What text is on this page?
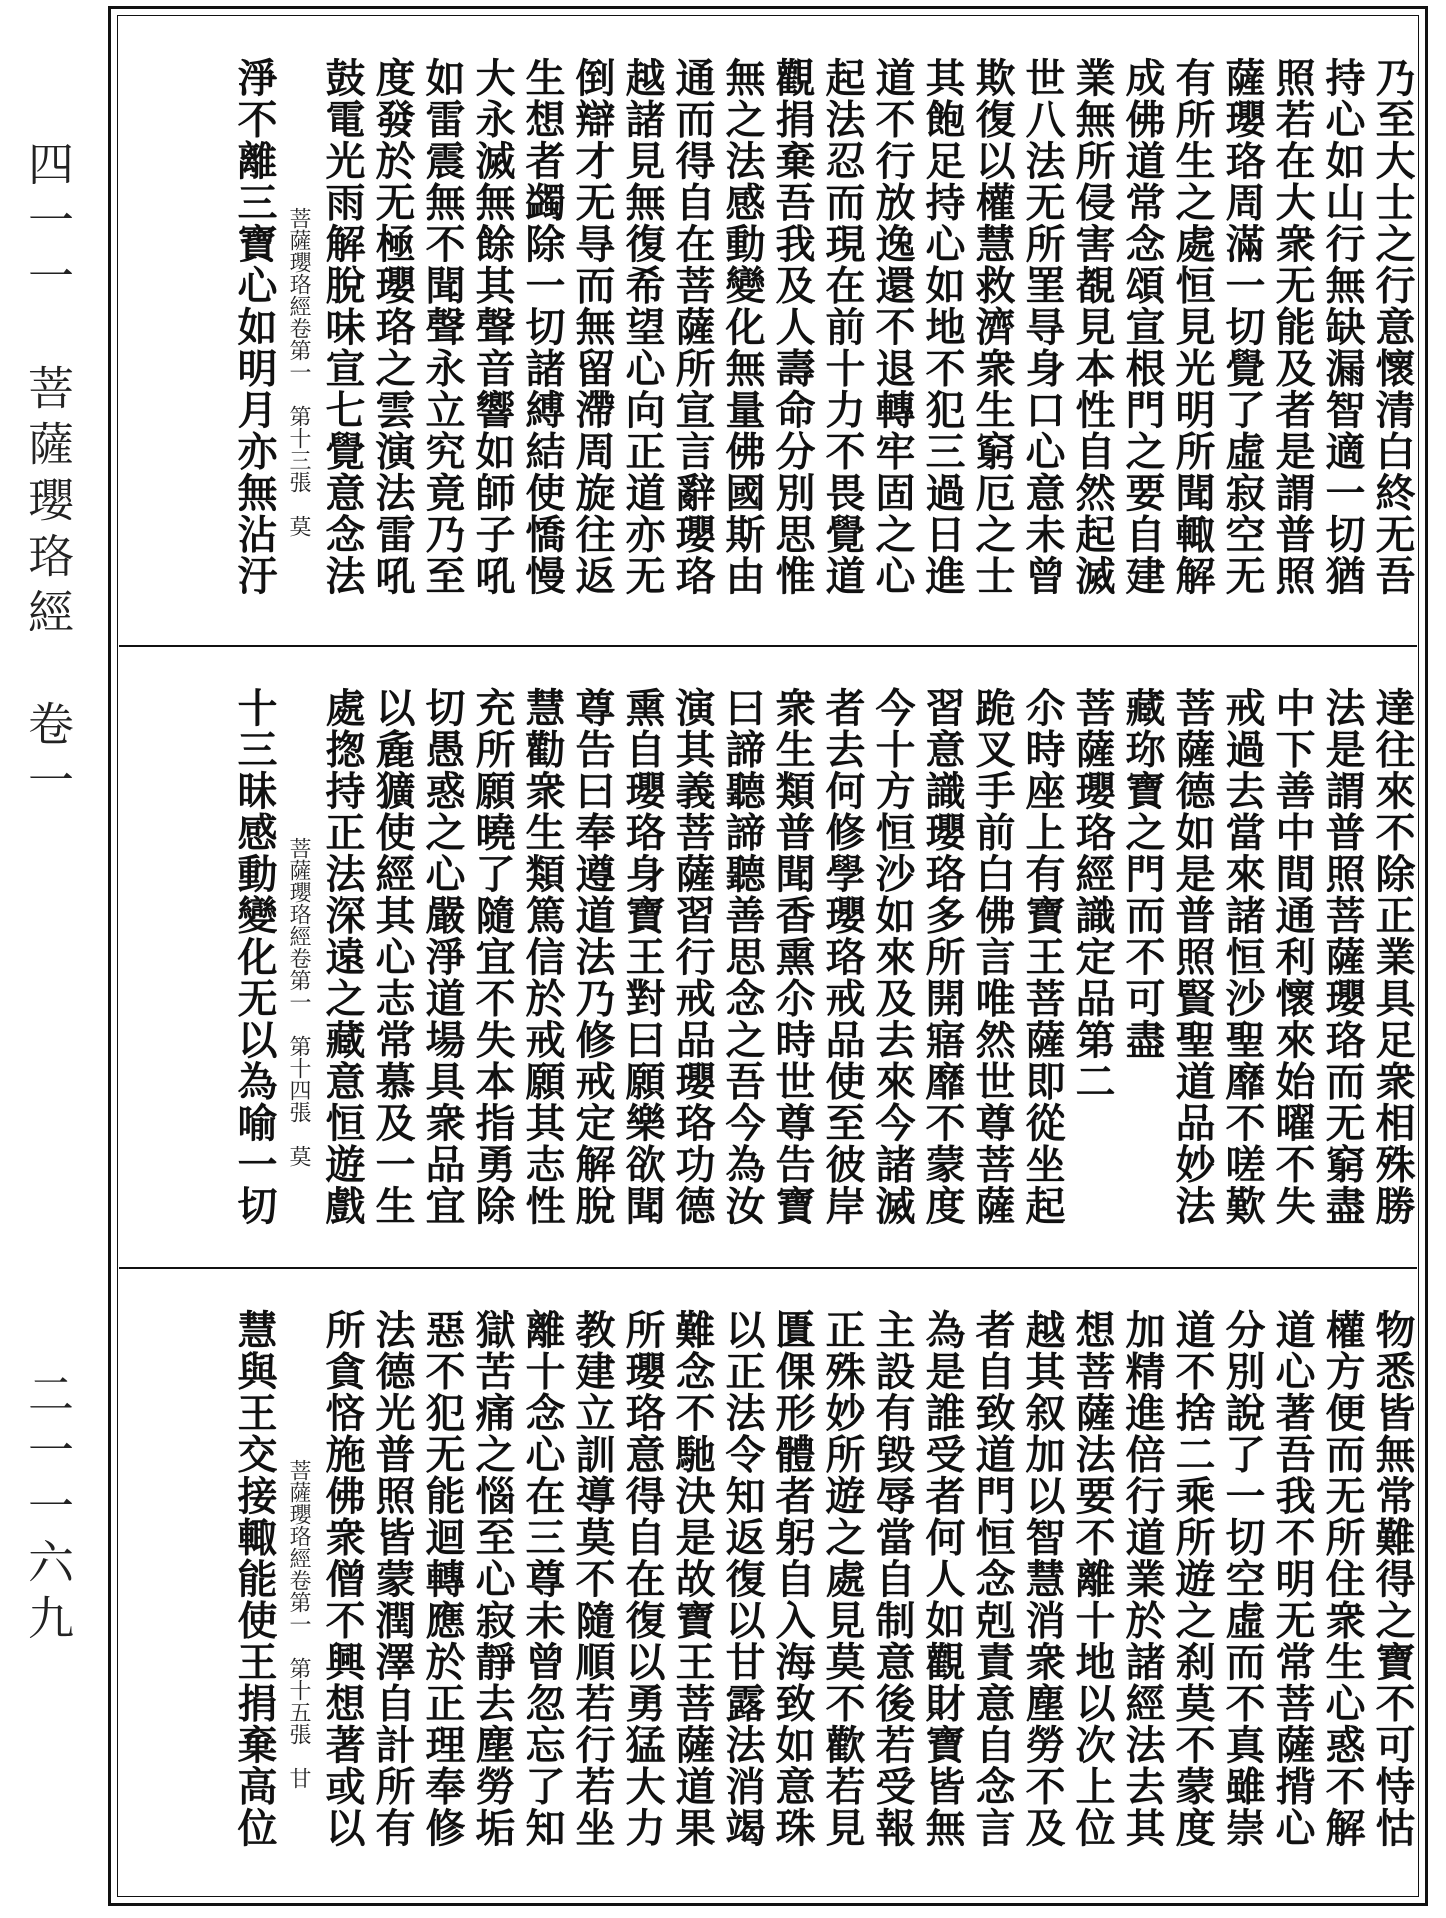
四一一　菩薩瓔珞經　卷一
二一一六九
乃至大士之行意懷清白終无吾
持心如山行無缺漏智適一切猶
照若在大衆无能及者是謂普照
薩瓔珞周滿一切覺了虛寂空无
有所生之處恒見光明所聞輙解
成佛道常念頌宣根門之要自建
業無所侵害覩見本性自然起滅
世八法无所罣㝵身口心意未曾
欺復以權慧救濟衆生窮厄之士
其飽足持心如地不犯三過日進
道不行放逸還不退轉牢固之心
起法忍而現在前十力不畏覺道
觀捐棄吾我及人壽命分別思惟
無之法感動變化無量佛國斯由
通而得自在菩薩所宣言辭瓔珞
越諸見無復希望心向正道亦无
倒辯才无㝵而無留滯周旋往返
生想者蠲除一切諸縛結使憍慢
大永滅無餘其聲音響如師子吼
如雷震無不聞聲永立究竟乃至
度發於无極瓔珞之雲演法雷吼
鼓電光雨解脫味宣七覺意念法
菩薩瓔珞經卷第一　第十三張　莫
淨不離三寶心如明月亦無沾汙
達往來不除正業具足衆相殊勝
法是謂普照菩薩瓔珞而无窮盡
中下善中間通利懷來始曜不失
戒過去當來諸恒沙聖靡不嗟歎
菩薩德如是普照賢聖道品妙法
藏珎寶之門而不可盡
菩薩瓔珞經識定品第二
尒時座上有寶王菩薩即從坐起
跪叉手前白佛言唯然世尊菩薩
習意識瓔珞多所開寤靡不蒙度
今十方恒沙如來及去來今諸滅
者去何修學瓔珞戒品使至彼岸
衆生類普聞香熏尒時世尊告寶
曰諦聽諦聽善思念之吾今為汝
演其義菩薩習行戒品瓔珞功德
熏自瓔珞身寶王對曰願樂欲聞
尊告曰奉遵道法乃修戒定解脫
慧勸衆生類篤信於戒願其志性
充所願曉了隨宜不失本指勇除
切愚惑之心嚴淨道場具衆品宜
以麁獷使經其心志常慕及一生
處揔持正法深遠之藏意恒遊戲
菩薩瓔珞經卷第一　第十四張　莫
十三昧感動變化无以為喻一切
物悉皆無常難得之寶不可恃怙
權方便而无所住衆生心惑不解
道心著吾我不明无常菩薩揹心
分別說了一切空虛而不真雖崇
道不捨二乘所遊之刹莫不蒙度
加精進倍行道業於諸經法去其
想菩薩法要不離十地以次上位
越其叙加以智慧消衆塵勞不及
者自致道門恒念剋責意自念言
為是誰受者何人如觀財寶皆無
主設有毀辱當自制意後若受報
正殊妙所遊之處見莫不歡若見
匱倮形體者躬自入海致如意珠
以正法令知返復以甘露法消竭
難念不馳決是故寶王菩薩道果
所瓔珞意得自在復以勇猛大力
教建立訓導莫不隨順若行若坐
離十念心在三尊未曾忽忘了知
獄苦痛之惱至心寂靜去塵勞垢
惡不犯无能迴轉應於正理奉修
法德光普照皆蒙潤澤自計所有
所貪悋施佛衆僧不興想著或以
菩薩瓔珞經卷第一　第十五張　甘
慧與王交接輙能使王捐棄高位
